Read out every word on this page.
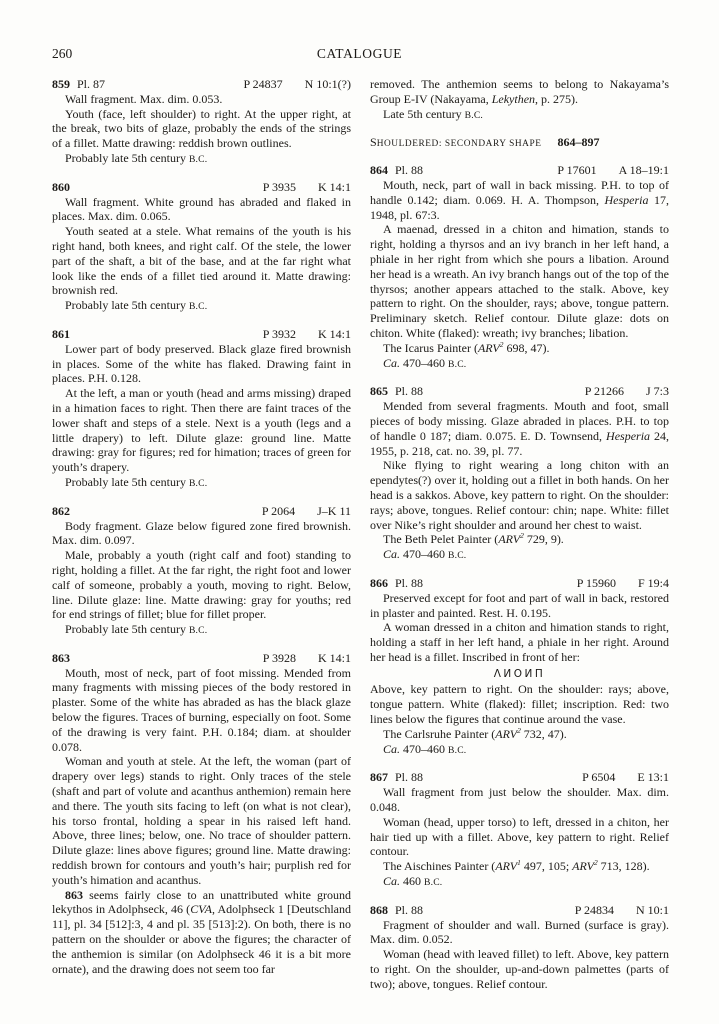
260	CATALOGUE
859 Pl. 87	P 24837 N 10:1(?)

Wall fragment. Max. dim. 0.053.

Youth (face, left shoulder) to right. At the upper right, at the break, two bits of glaze, probably the ends of the strings of a fillet. Matte drawing: reddish brown outlines.

Probably late 5th century B.C.

860	P 3935 K 14:1

Wall fragment. White ground has abraded and flaked in places. Max. dim. 0.065.

Youth seated at a stele. What remains of the youth is his right hand, both knees, and right calf. Of the stele, the lower part of the shaft, a bit of the base, and at the far right what look like the ends of a fillet tied around it. Matte drawing: brownish red.

Probably late 5th century B.C.

861	P 3932 K 14:1

Lower part of body preserved. Black glaze fired brownish in places. Some of the white has flaked. Drawing faint in places. P.H. 0.128.

At the left, a man or youth (head and arms missing) draped in a himation faces to right. Then there are faint traces of the lower shaft and steps of a stele. Next is a youth (legs and a little drapery) to left. Dilute glaze: ground line. Matte drawing: gray for figures; red for himation; traces of green for youth’s drapery.

Probably late 5th century B.C.

862	P 2064 J–K 11

Body fragment. Glaze below figured zone fired brownish. Max. dim. 0.097.

Male, probably a youth (right calf and foot) standing to right, holding a fillet. At the far right, the right foot and lower calf of someone, probably a youth, moving to right. Below, line. Dilute glaze: line. Matte drawing: gray for youths; red for end strings of fillet; blue for fillet proper.

Probably late 5th century B.C.

863	P 3928 K 14:1

Mouth, most of neck, part of foot missing. Mended from many fragments with missing pieces of the body restored in plaster. Some of the white has abraded as has the black glaze below the figures. Traces of burning, especially on foot. Some of the drawing is very faint. P.H. 0.184; diam. at shoulder 0.078.

Woman and youth at stele. At the left, the woman (part of drapery over legs) stands to right. Only traces of the stele (shaft and part of volute and acanthus anthemion) remain here and there. The youth sits facing to left (on what is not clear), his torso frontal, holding a spear in his raised left hand. Above, three lines; below, one. No trace of shoulder pattern. Dilute glaze: lines above figures; ground line. Matte drawing: reddish brown for contours and youth’s hair; purplish red for youth’s himation and acanthus.

863 seems fairly close to an unattributed white ground lekythos in Adolphseck, 46 (CVA, Adolphseck 1 [Deutschland 11], pl. 34 [512]:3, 4 and pl. 35 [513]:2). On both, there is no pattern on the shoulder or above the figures; the character of the anthemion is similar (on Adolphseck 46 it is a bit more ornate), and the drawing does not seem too far

removed. The anthemion seems to belong to Nakayama’s Group E-IV (Nakayama, Lekythen, p. 275).

Late 5th century B.C.

SHOULDERED: SECONDARY SHAPE 864–897
864 Pl. 88	P 17601 A 18–19:1

Mouth, neck, part of wall in back missing. P.H. to top of handle 0.142; diam. 0.069. H. A. Thompson, Hesperia 17, 1948, pl. 67:3.

A maenad, dressed in a chiton and himation, stands to right, holding a thyrsos and an ivy branch in her left hand, a phiale in her right from which she pours a libation. Around her head is a wreath. An ivy branch hangs out of the top of the thyrsos; another appears attached to the stalk. Above, key pattern to right. On the shoulder, rays; above, tongue pattern. Preliminary sketch. Relief contour. Dilute glaze: dots on chiton. White (flaked): wreath; ivy branches; libation.

The Icarus Painter (ARV$^2$ 698, 47).

Ca. 470–460 B.C.

865 Pl. 88	P 21266 J 7:3

Mended from several fragments. Mouth and foot, small pieces of body missing. Glaze abraded in places. P.H. to top of handle 0 187; diam. 0.075. E. D. Townsend, Hesperia 24, 1955, p. 218, cat. no. 39, pl. 77.

Nike flying to right wearing a long chiton with an ependytes(?) over it, holding out a fillet in both hands. On her head is a sakkos. Above, key pattern to right. On the shoulder: rays; above, tongues. Relief contour: chin; nape. White: fillet over Nike’s right shoulder and around her chest to waist.

The Beth Pelet Painter (ARV$^2$ 729, 9).

Ca. 470–460 B.C.

866 Pl. 88	P 15960 F 19:4

Preserved except for foot and part of wall in back, restored in plaster and painted. Rest. H. 0.195.

A woman dressed in a chiton and himation stands to right, holding a staff in her left hand, a phiale in her right. Around her head is a fillet. Inscribed in front of her:

ΛИОИΠ

Above, key pattern to right. On the shoulder: rays; above, tongue pattern. White (flaked): fillet; inscription. Red: two lines below the figures that continue around the vase.

The Carlsruhe Painter (ARV$^2$ 732, 47).

Ca. 470–460 B.C.

867 Pl. 88	P 6504 E 13:1

Wall fragment from just below the shoulder. Max. dim. 0.048.

Woman (head, upper torso) to left, dressed in a chiton, her hair tied up with a fillet. Above, key pattern to right. Relief contour.

The Aischines Painter (ARV$^1$ 497, 105; ARV$^2$ 713, 128).

Ca. 460 B.C.

868 Pl. 88	P 24834 N 10:1

Fragment of shoulder and wall. Burned (surface is gray). Max. dim. 0.052.

Woman (head with leaved fillet) to left. Above, key pattern to right. On the shoulder, up-and-down palmettes (parts of two); above, tongues. Relief contour.
